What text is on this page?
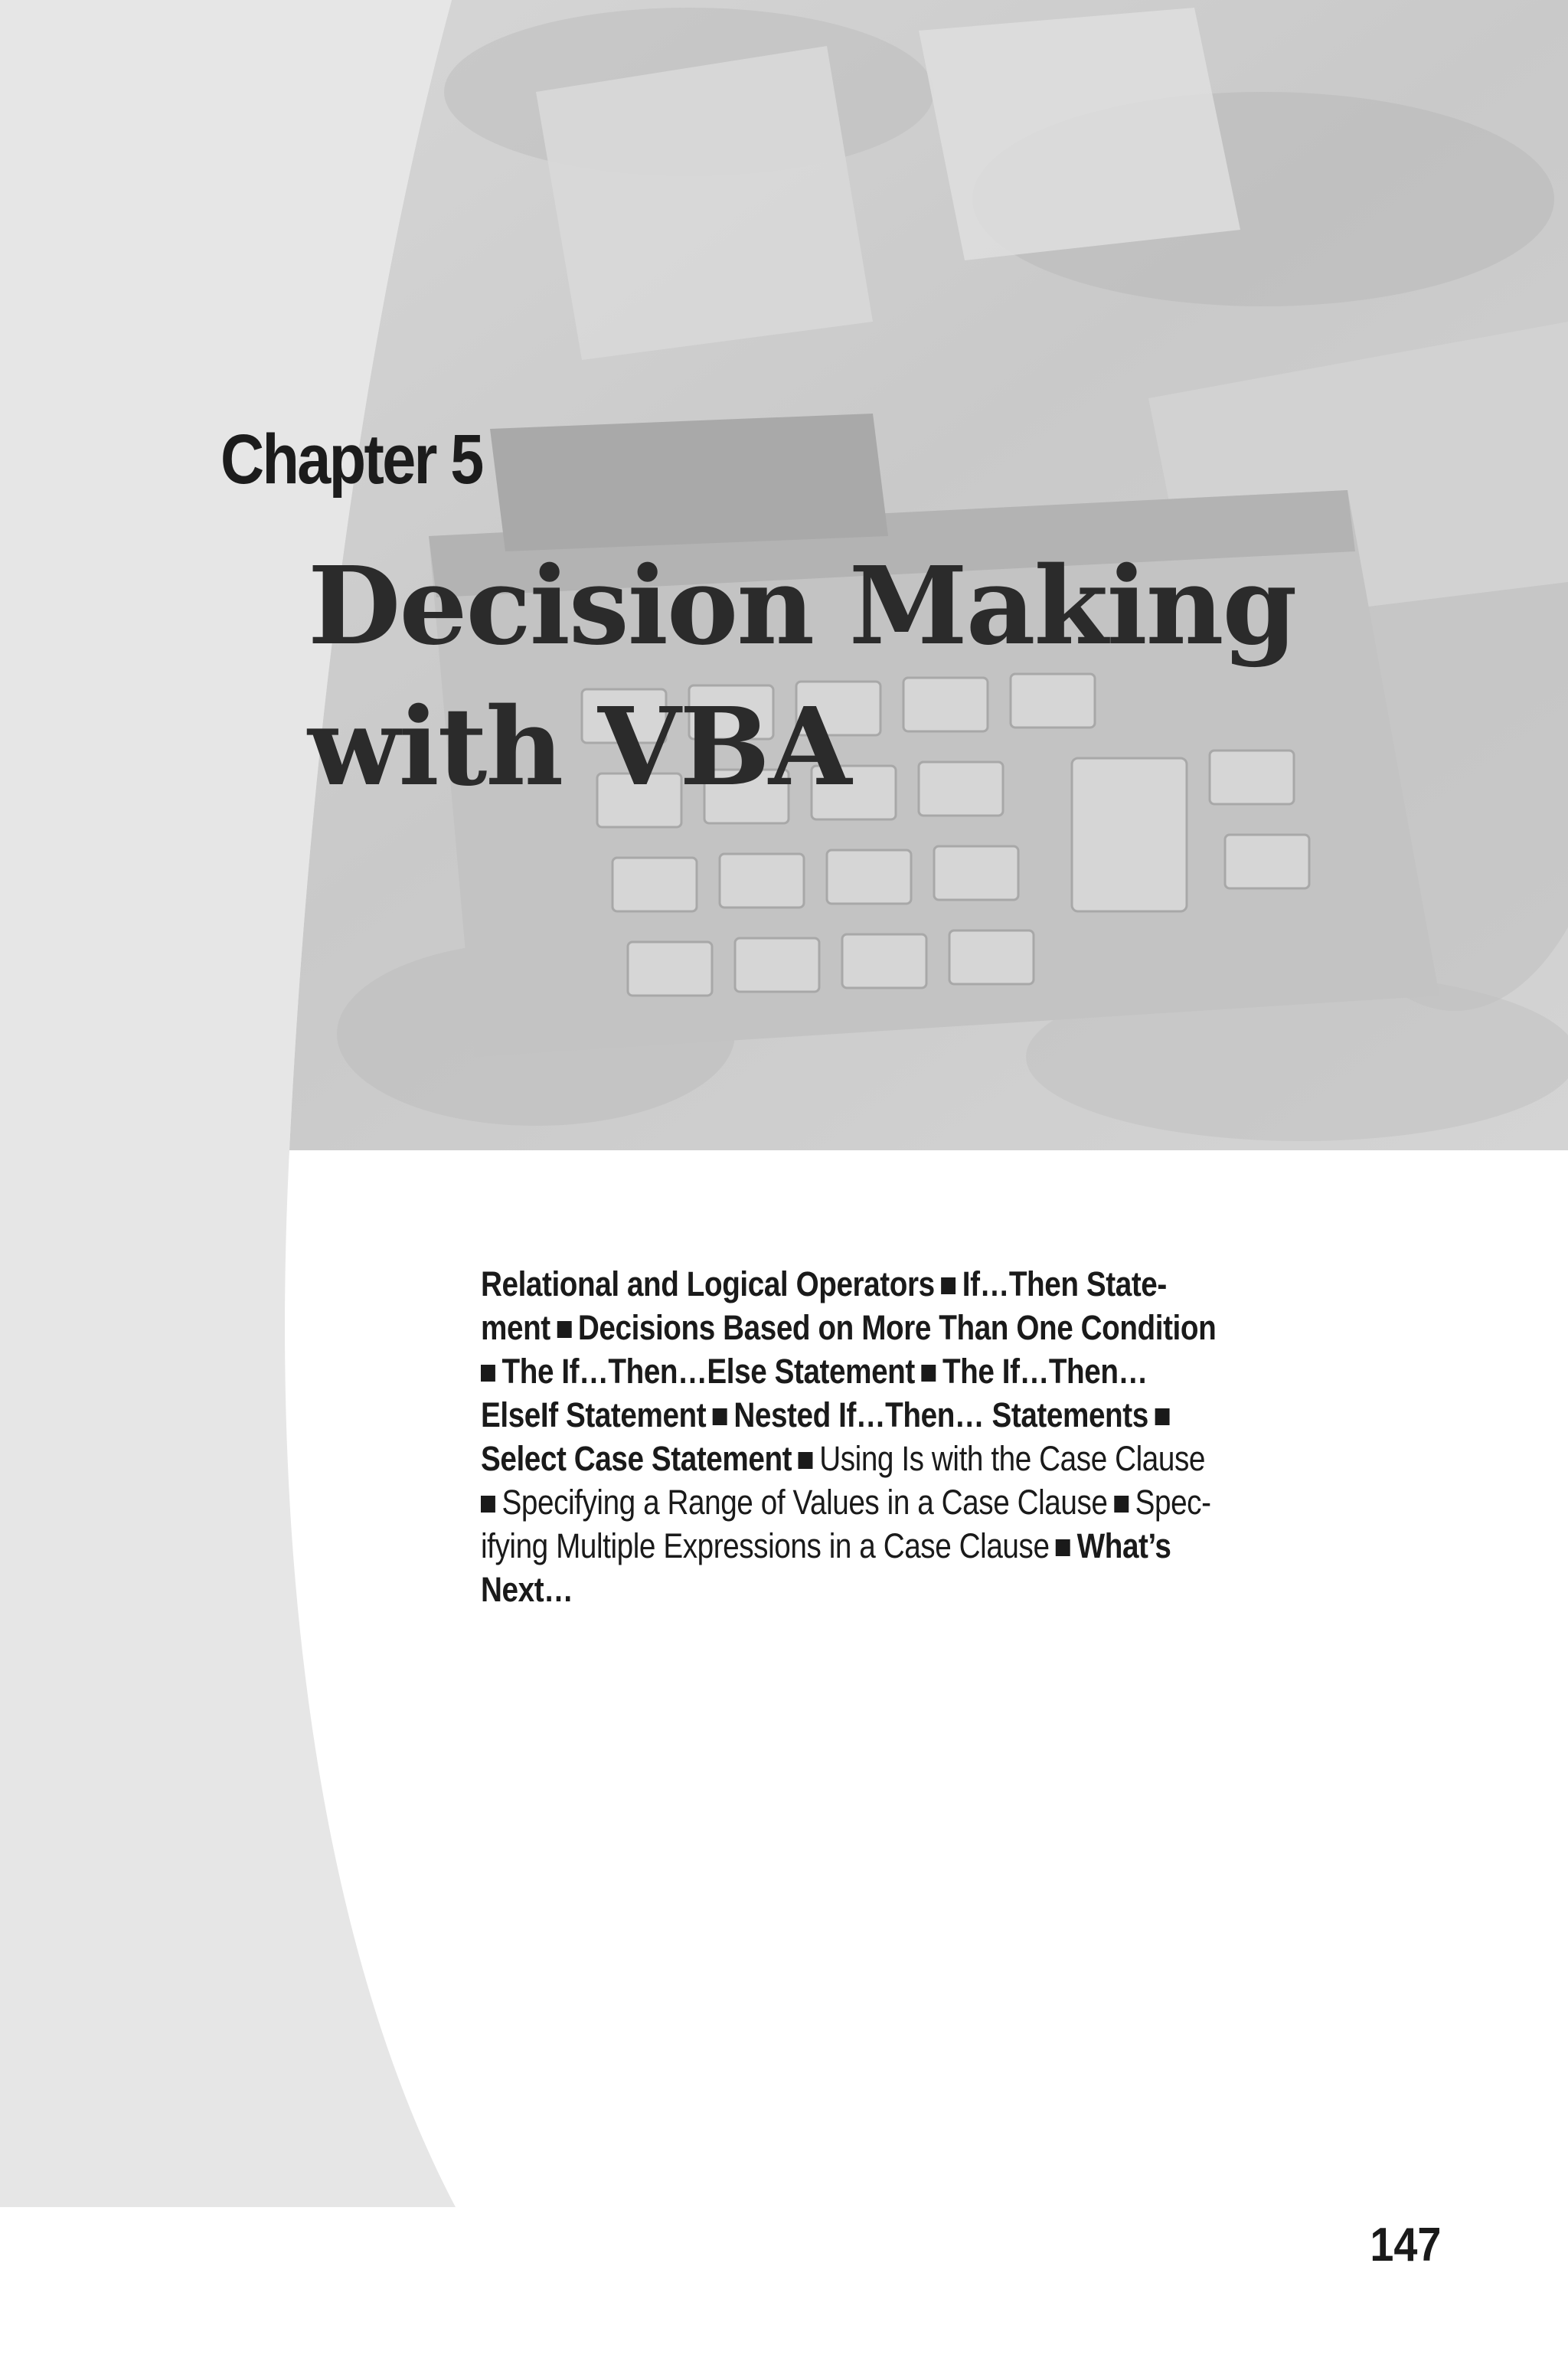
Chapter 5
Decision Making
with VBA
Relational and Logical Operators If…Then State-
ment Decisions Based on More Than One Condition
The If…Then…Else Statement The If…Then…
ElseIf Statement Nested If…Then… Statements
Select Case Statement Using Is with the Case Clause
Specifying a Range of Values in a Case Clause Spec-
ifying Multiple Expressions in a Case Clause What’s
Next…
147
